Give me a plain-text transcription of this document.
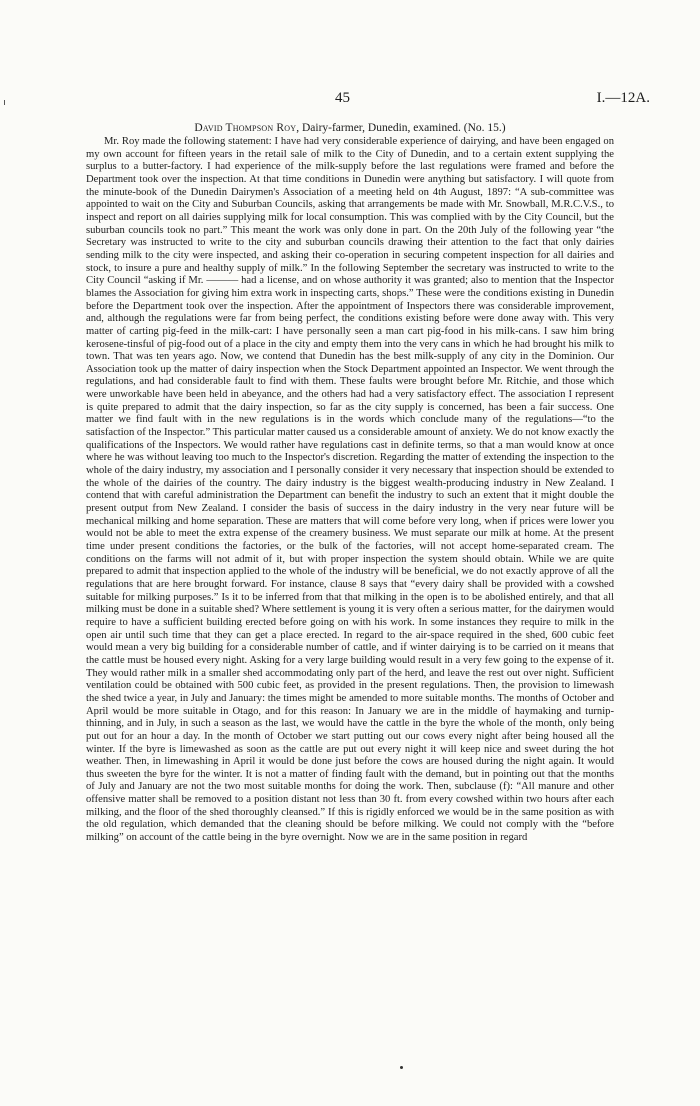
45	I.—12A.

David Thompson Roy, Dairy-farmer, Dunedin, examined. (No. 15.)

Mr. Roy made the following statement: I have had very considerable experience of dairying, and have been engaged on my own account for fifteen years in the retail sale of milk to the City of Dunedin, and to a certain extent supplying the surplus to a butter-factory. I had experience of the milk-supply before the last regulations were framed and before the Department took over the inspection. At that time conditions in Dunedin were anything but satisfactory. I will quote from the minute-book of the Dunedin Dairymen's Association of a meeting held on 4th August, 1897: “A sub-committee was appointed to wait on the City and Suburban Councils, asking that arrangements be made with Mr. Snowball, M.R.C.V.S., to inspect and report on all dairies supplying milk for local consumption. This was complied with by the City Council, but the suburban councils took no part.” This meant the work was only done in part. On the 20th July of the following year “the Secretary was instructed to write to the city and suburban councils drawing their attention to the fact that only dairies sending milk to the city were inspected, and asking their co-operation in securing competent inspection for all dairies and stock, to insure a pure and healthy supply of milk.” In the following September the secretary was instructed to write to the City Council “asking if Mr. ——— had a license, and on whose authority it was granted; also to mention that the Inspector blames the Association for giving him extra work in inspecting carts, shops.” These were the conditions existing in Dunedin before the Department took over the inspection. After the appointment of Inspectors there was considerable improvement, and, although the regulations were far from being perfect, the conditions existing before were done away with. This very matter of carting pig-feed in the milk-cart: I have personally seen a man cart pig-food in his milk-cans. I saw him bring kerosene-tinsful of pig-food out of a place in the city and empty them into the very cans in which he had brought his milk to town. That was ten years ago. Now, we contend that Dunedin has the best milk-supply of any city in the Dominion. Our Association took up the matter of dairy inspection when the Stock Department appointed an Inspector. We went through the regulations, and had considerable fault to find with them. These faults were brought before Mr. Ritchie, and those which were unworkable have been held in abeyance, and the others had had a very satisfactory effect. The association I represent is quite prepared to admit that the dairy inspection, so far as the city supply is concerned, has been a fair success. One matter we find fault with in the new regulations is in the words which conclude many of the regulations—“to the satisfaction of the Inspector.” This particular matter caused us a considerable amount of anxiety. We do not know exactly the qualifications of the Inspectors. We would rather have regulations cast in definite terms, so that a man would know at once where he was without leaving too much to the Inspector's discretion. Regarding the matter of extending the inspection to the whole of the dairy industry, my association and I personally consider it very necessary that inspection should be extended to the whole of the dairies of the country. The dairy industry is the biggest wealth-producing industry in New Zealand. I contend that with careful administration the Department can benefit the industry to such an extent that it might double the present output from New Zealand. I consider the basis of success in the dairy industry in the very near future will be mechanical milking and home separation. These are matters that will come before very long, when if prices were lower you would not be able to meet the extra expense of the creamery business. We must separate our milk at home. At the present time under present conditions the factories, or the bulk of the factories, will not accept home-separated cream. The conditions on the farms will not admit of it, but with proper inspection the system should obtain. While we are quite prepared to admit that inspection applied to the whole of the industry will be beneficial, we do not exactly approve of all the regulations that are here brought forward. For instance, clause 8 says that “every dairy shall be provided with a cowshed suitable for milking purposes.” Is it to be inferred from that that milking in the open is to be abolished entirely, and that all milking must be done in a suitable shed? Where settlement is young it is very often a serious matter, for the dairymen would require to have a sufficient building erected before going on with his work. In some instances they require to milk in the open air until such time that they can get a place erected. In regard to the air-space required in the shed, 600 cubic feet would mean a very big building for a considerable number of cattle, and if winter dairying is to be carried on it means that the cattle must be housed every night. Asking for a very large building would result in a very few going to the expense of it. They would rather milk in a smaller shed accommodating only part of the herd, and leave the rest out over night. Sufficient ventilation could be obtained with 500 cubic feet, as provided in the present regulations. Then, the provision to limewash the shed twice a year, in July and January: the times might be amended to more suitable months. The months of October and April would be more suitable in Otago, and for this reason: In January we are in the middle of haymaking and turnip-thinning, and in July, in such a season as the last, we would have the cattle in the byre the whole of the month, only being put out for an hour a day. In the month of October we start putting out our cows every night after being housed all the winter. If the byre is limewashed as soon as the cattle are put out every night it will keep nice and sweet during the hot weather. Then, in limewashing in April it would be done just before the cows are housed during the night again. It would thus sweeten the byre for the winter. It is not a matter of finding fault with the demand, but in pointing out that the months of July and January are not the two most suitable months for doing the work. Then, subclause (f): “All manure and other offensive matter shall be removed to a position distant not less than 30 ft. from every cowshed within two hours after each milking, and the floor of the shed thoroughly cleansed.” If this is rigidly enforced we would be in the same position as with the old regulation, which demanded that the cleaning should be before milking. We could not comply with the “before milking” on account of the cattle being in the byre overnight. Now we are in the same position in regard
